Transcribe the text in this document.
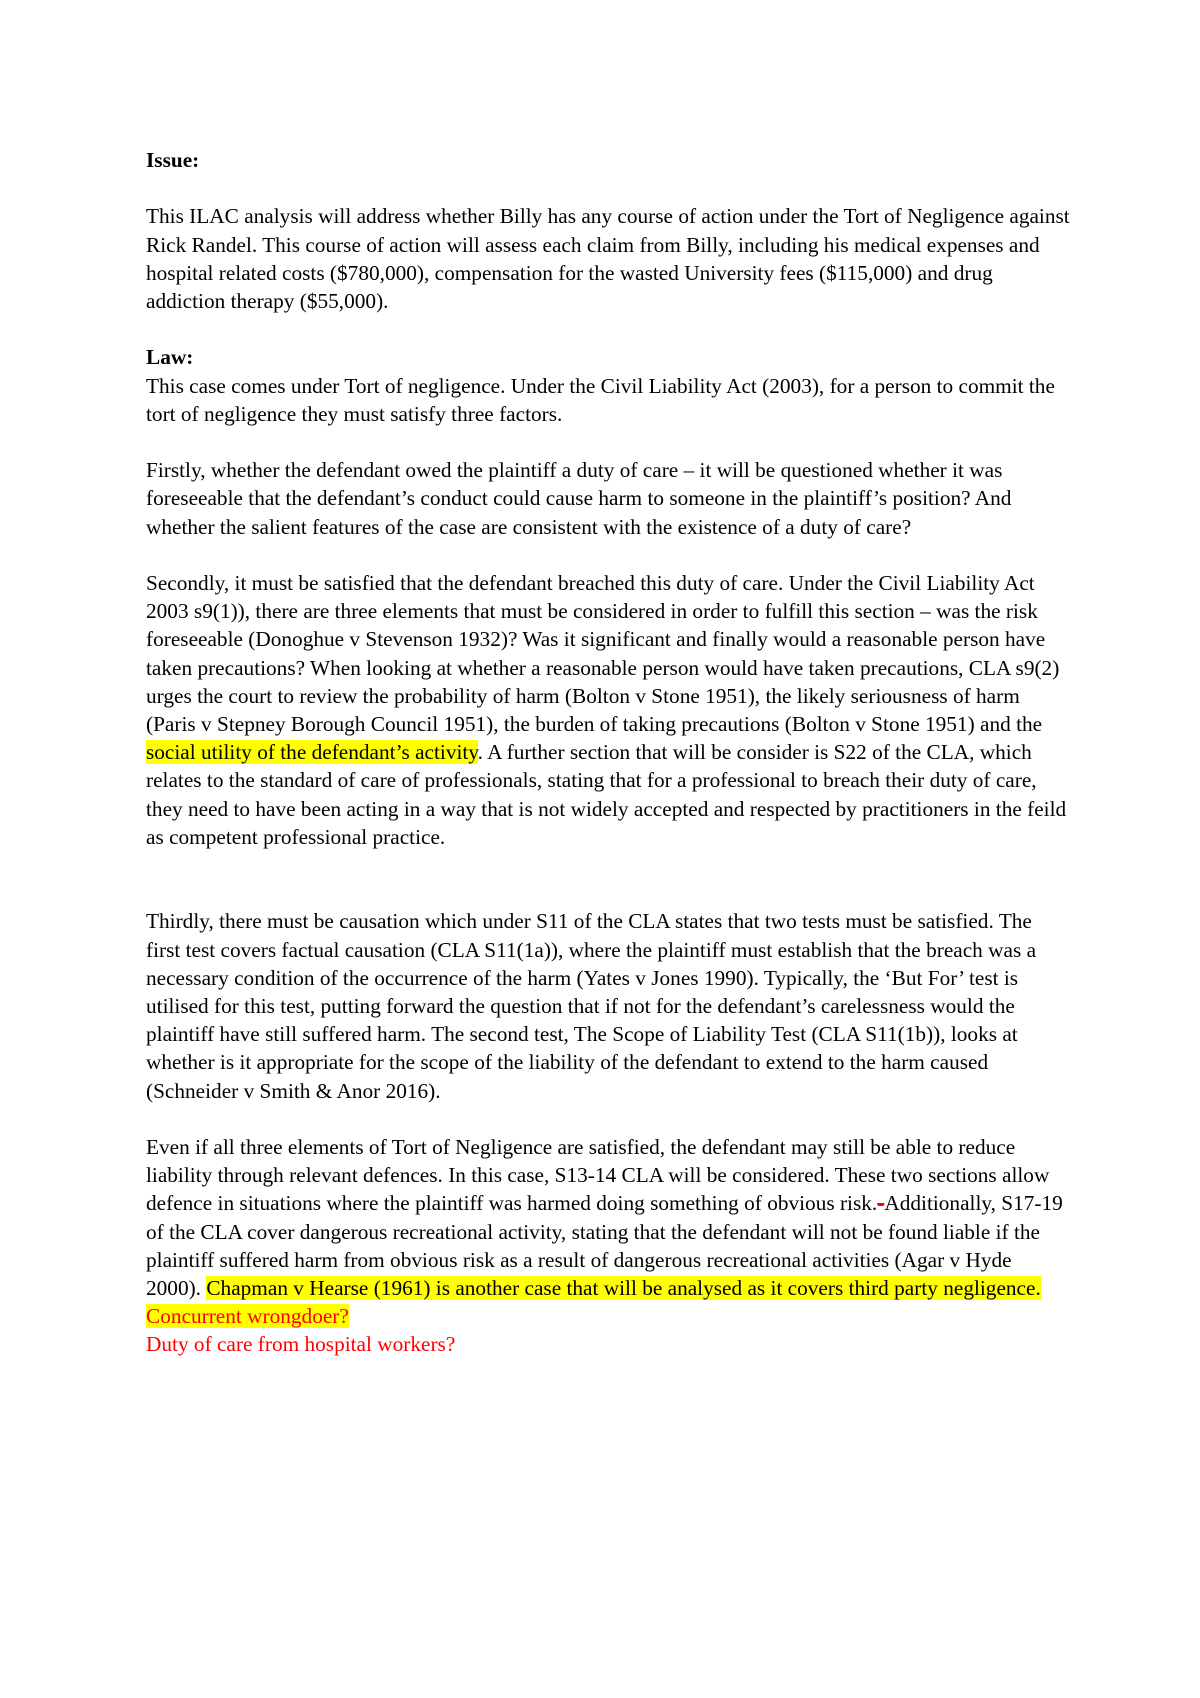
Issue:

This ILAC analysis will address whether Billy has any course of action under the Tort of Negligence against Rick Randel. This course of action will assess each claim from Billy, including his medical expenses and hospital related costs ($780,000), compensation for the wasted University fees ($115,000) and drug addiction therapy ($55,000).

Law:

This case comes under Tort of negligence. Under the Civil Liability Act (2003), for a person to commit the tort of negligence they must satisfy three factors.

Firstly, whether the defendant owed the plaintiff a duty of care – it will be questioned whether it was foreseeable that the defendant’s conduct could cause harm to someone in the plaintiff’s position? And whether the salient features of the case are consistent with the existence of a duty of care?

Secondly, it must be satisfied that the defendant breached this duty of care. Under the Civil Liability Act 2003 s9(1)), there are three elements that must be considered in order to fulfill this section – was the risk foreseeable (Donoghue v Stevenson 1932)? Was it significant and finally would a reasonable person have taken precautions? When looking at whether a reasonable person would have taken precautions, CLA s9(2) urges the court to review the probability of harm (Bolton v Stone 1951), the likely seriousness of harm (Paris v Stepney Borough Council 1951), the burden of taking precautions (Bolton v Stone 1951) and the social utility of the defendant’s activity. A further section that will be consider is S22 of the CLA, which relates to the standard of care of professionals, stating that for a professional to breach their duty of care, they need to have been acting in a way that is not widely accepted and respected by practitioners in the feild as competent professional practice.

Thirdly, there must be causation which under S11 of the CLA states that two tests must be satisfied. The first test covers factual causation (CLA S11(1a)), where the plaintiff must establish that the breach was a necessary condition of the occurrence of the harm (Yates v Jones 1990). Typically, the ‘But For’ test is utilised for this test, putting forward the question that if not for the defendant’s carelessness would the plaintiff have still suffered harm. The second test, The Scope of Liability Test (CLA S11(1b)), looks at whether is it appropriate for the scope of the liability of the defendant to extend to the harm caused (Schneider v Smith & Anor 2016).

Even if all three elements of Tort of Negligence are satisfied, the defendant may still be able to reduce liability through relevant defences. In this case, S13-14 CLA will be considered. These two sections allow defence in situations where the plaintiff was harmed doing something of obvious risk.-Additionally, S17-19 of the CLA cover dangerous recreational activity, stating that the defendant will not be found liable if the plaintiff suffered harm from obvious risk as a result of dangerous recreational activities (Agar v Hyde 2000). Chapman v Hearse (1961) is another case that will be analysed as it covers third party negligence.

Concurrent wrongdoer?

Duty of care from hospital workers?
